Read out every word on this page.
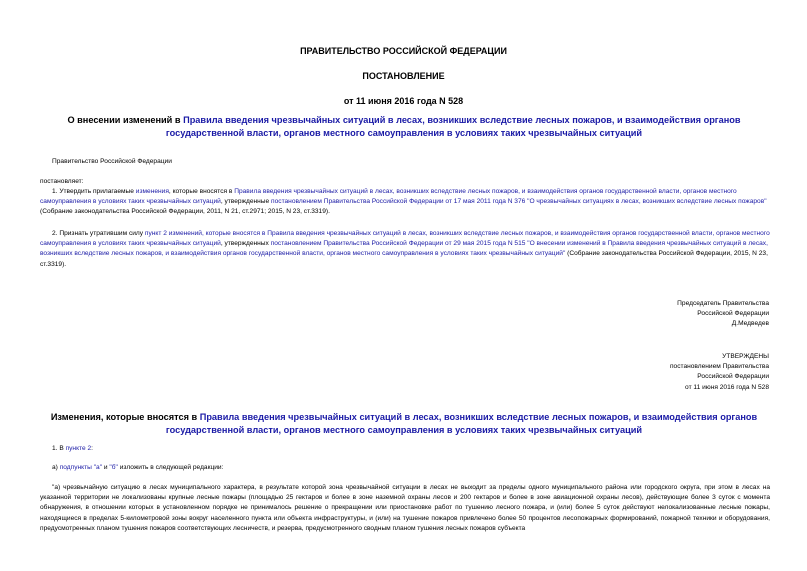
ПРАВИТЕЛЬСТВО РОССИЙСКОЙ ФЕДЕРАЦИИ
ПОСТАНОВЛЕНИЕ
от 11 июня 2016 года N 528
О внесении изменений в Правила введения чрезвычайных ситуаций в лесах, возникших вследствие лесных пожаров, и взаимодействия органов государственной власти, органов местного самоуправления в условиях таких чрезвычайных ситуаций
Правительство Российской Федерации
постановляет:
1. Утвердить прилагаемые изменения, которые вносятся в Правила введения чрезвычайных ситуаций в лесах, возникших вследствие лесных пожаров, и взаимодействия органов государственной власти, органов местного самоуправления в условиях таких чрезвычайных ситуаций, утвержденные постановлением Правительства Российской Федерации от 17 мая 2011 года N 376 "О чрезвычайных ситуациях в лесах, возникших вследствие лесных пожаров" (Собрание законодательства Российской Федерации, 2011, N 21, ст.2971; 2015, N 23, ст.3319).
2. Признать утратившим силу пункт 2 изменений, которые вносятся в Правила введения чрезвычайных ситуаций в лесах, возникших вследствие лесных пожаров, и взаимодействия органов государственной власти, органов местного самоуправления в условиях таких чрезвычайных ситуаций, утвержденных постановлением Правительства Российской Федерации от 29 мая 2015 года N 515 "О внесении изменений в Правила введения чрезвычайных ситуаций в лесах, возникших вследствие лесных пожаров, и взаимодействия органов государственной власти, органов местного самоуправления в условиях таких чрезвычайных ситуаций" (Собрание законодательства Российской Федерации, 2015, N 23, ст.3319).
Председатель Правительства
Российской Федерации
Д.Медведев
УТВЕРЖДЕНЫ
постановлением Правительства
Российской Федерации
от 11 июня 2016 года N 528
Изменения, которые вносятся в Правила введения чрезвычайных ситуаций в лесах, возникших вследствие лесных пожаров, и взаимодействия органов государственной власти, органов местного самоуправления в условиях таких чрезвычайных ситуаций
1. В пункте 2:
а) подпункты "а" и "б" изложить в следующей редакции:
"а) чрезвычайную ситуацию в лесах муниципального характера, в результате которой зона чрезвычайной ситуации в лесах не выходит за пределы одного муниципального района или городского округа, при этом в лесах на указанной территории не локализованы крупные лесные пожары (площадью 25 гектаров и более в зоне наземной охраны лесов и 200 гектаров и более в зоне авиационной охраны лесов), действующие более 3 суток с момента обнаружения, в отношении которых в установленном порядке не принималось решение о прекращении или приостановке работ по тушению лесного пожара, и (или) более 5 суток действуют нелокализованные лесные пожары, находящиеся в пределах 5-километровой зоны вокруг населенного пункта или объекта инфраструктуры, и (или) на тушение пожаров привлечено более 50 процентов лесопожарных формирований, пожарной техники и оборудования, предусмотренных планом тушения пожаров соответствующих лесничеств, и резерва, предусмотренного сводным планом тушения лесных пожаров субъекта
